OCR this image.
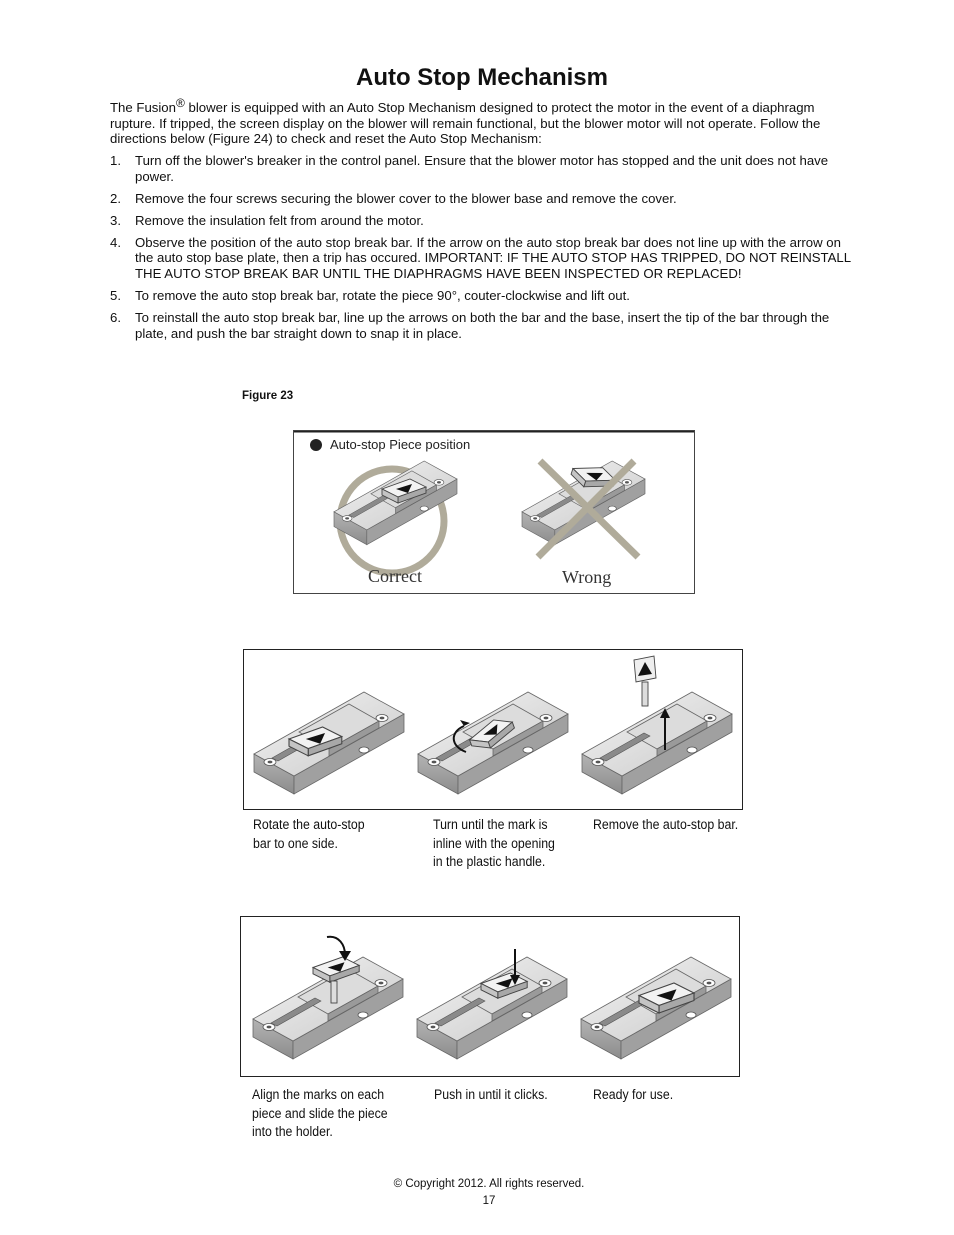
Auto Stop Mechanism
The Fusion® blower is equipped with an Auto Stop Mechanism designed to protect the motor in the event of a diaphragm rupture. If tripped, the screen display on the blower will remain functional, but the blower motor will not operate. Follow the directions below (Figure 24) to check and reset the Auto Stop Mechanism:
1. Turn off the blower's breaker in the control panel. Ensure that the blower motor has stopped and the unit does not have power.
2. Remove the four screws securing the blower cover to the blower base and remove the cover.
3. Remove the insulation felt from around the motor.
4. Observe the position of the auto stop break bar. If the arrow on the auto stop break bar does not line up with the arrow on the auto stop base plate, then a trip has occured. IMPORTANT: IF THE AUTO STOP HAS TRIPPED, DO NOT REINSTALL THE AUTO STOP BREAK BAR UNTIL THE DIAPHRAGMS HAVE BEEN INSPECTED OR REPLACED!
5. To remove the auto stop break bar, rotate the piece 90°, couter-clockwise and lift out.
6. To reinstall the auto stop break bar, line up the arrows on both the bar and the base, insert the tip of the bar through the plate, and push the bar straight down to snap it in place.
Figure 23
Auto-stop Piece position
Correct	Wrong
Rotate the auto-stop
bar to one side.
Turn until the mark is
inline with the opening
in the plastic handle.
Remove the auto-stop bar.
Align the marks on each
piece and slide the piece
into the holder.
Push in until it clicks.	Ready for use.
© Copyright 2012. All rights reserved.
17
